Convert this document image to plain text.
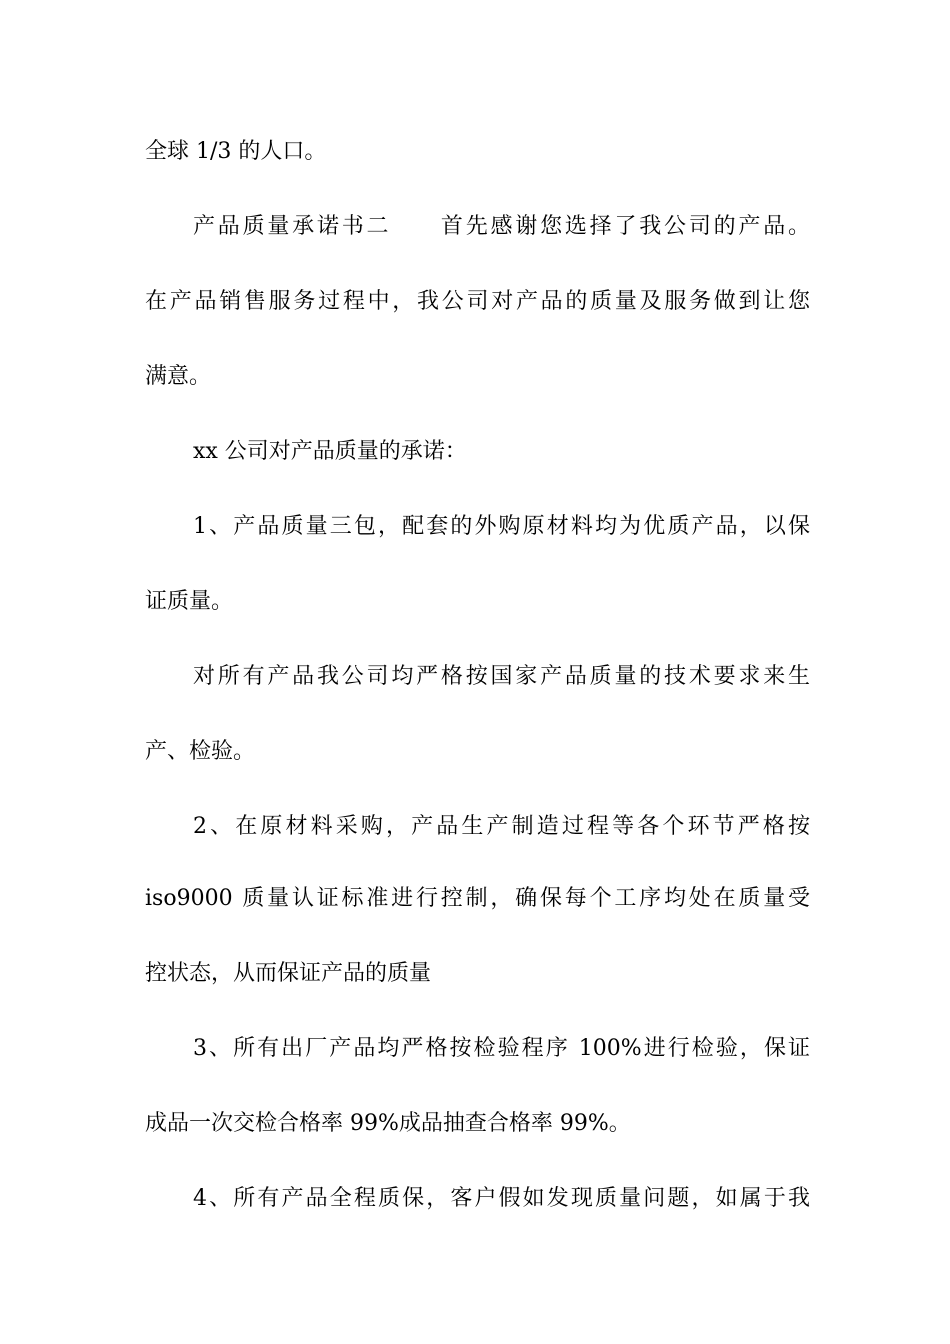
全球 1/3 的人口。
产品质量承诺书二　　首先感谢您选择了我公司的产品。
在产品销售服务过程中，我公司对产品的质量及服务做到让您
满意。
xx 公司对产品质量的承诺：
1、产品质量三包，配套的外购原材料均为优质产品，以保
证质量。
对所有产品我公司均严格按国家产品质量的技术要求来生
产、检验。
2、在原材料采购，产品生产制造过程等各个环节严格按
iso9000 质量认证标准进行控制，确保每个工序均处在质量受
控状态，从而保证产品的质量
3、所有出厂产品均严格按检验程序 100%进行检验，保证
成品一次交检合格率 99%成品抽查合格率 99%。
4、所有产品全程质保，客户假如发现质量问题，如属于我
